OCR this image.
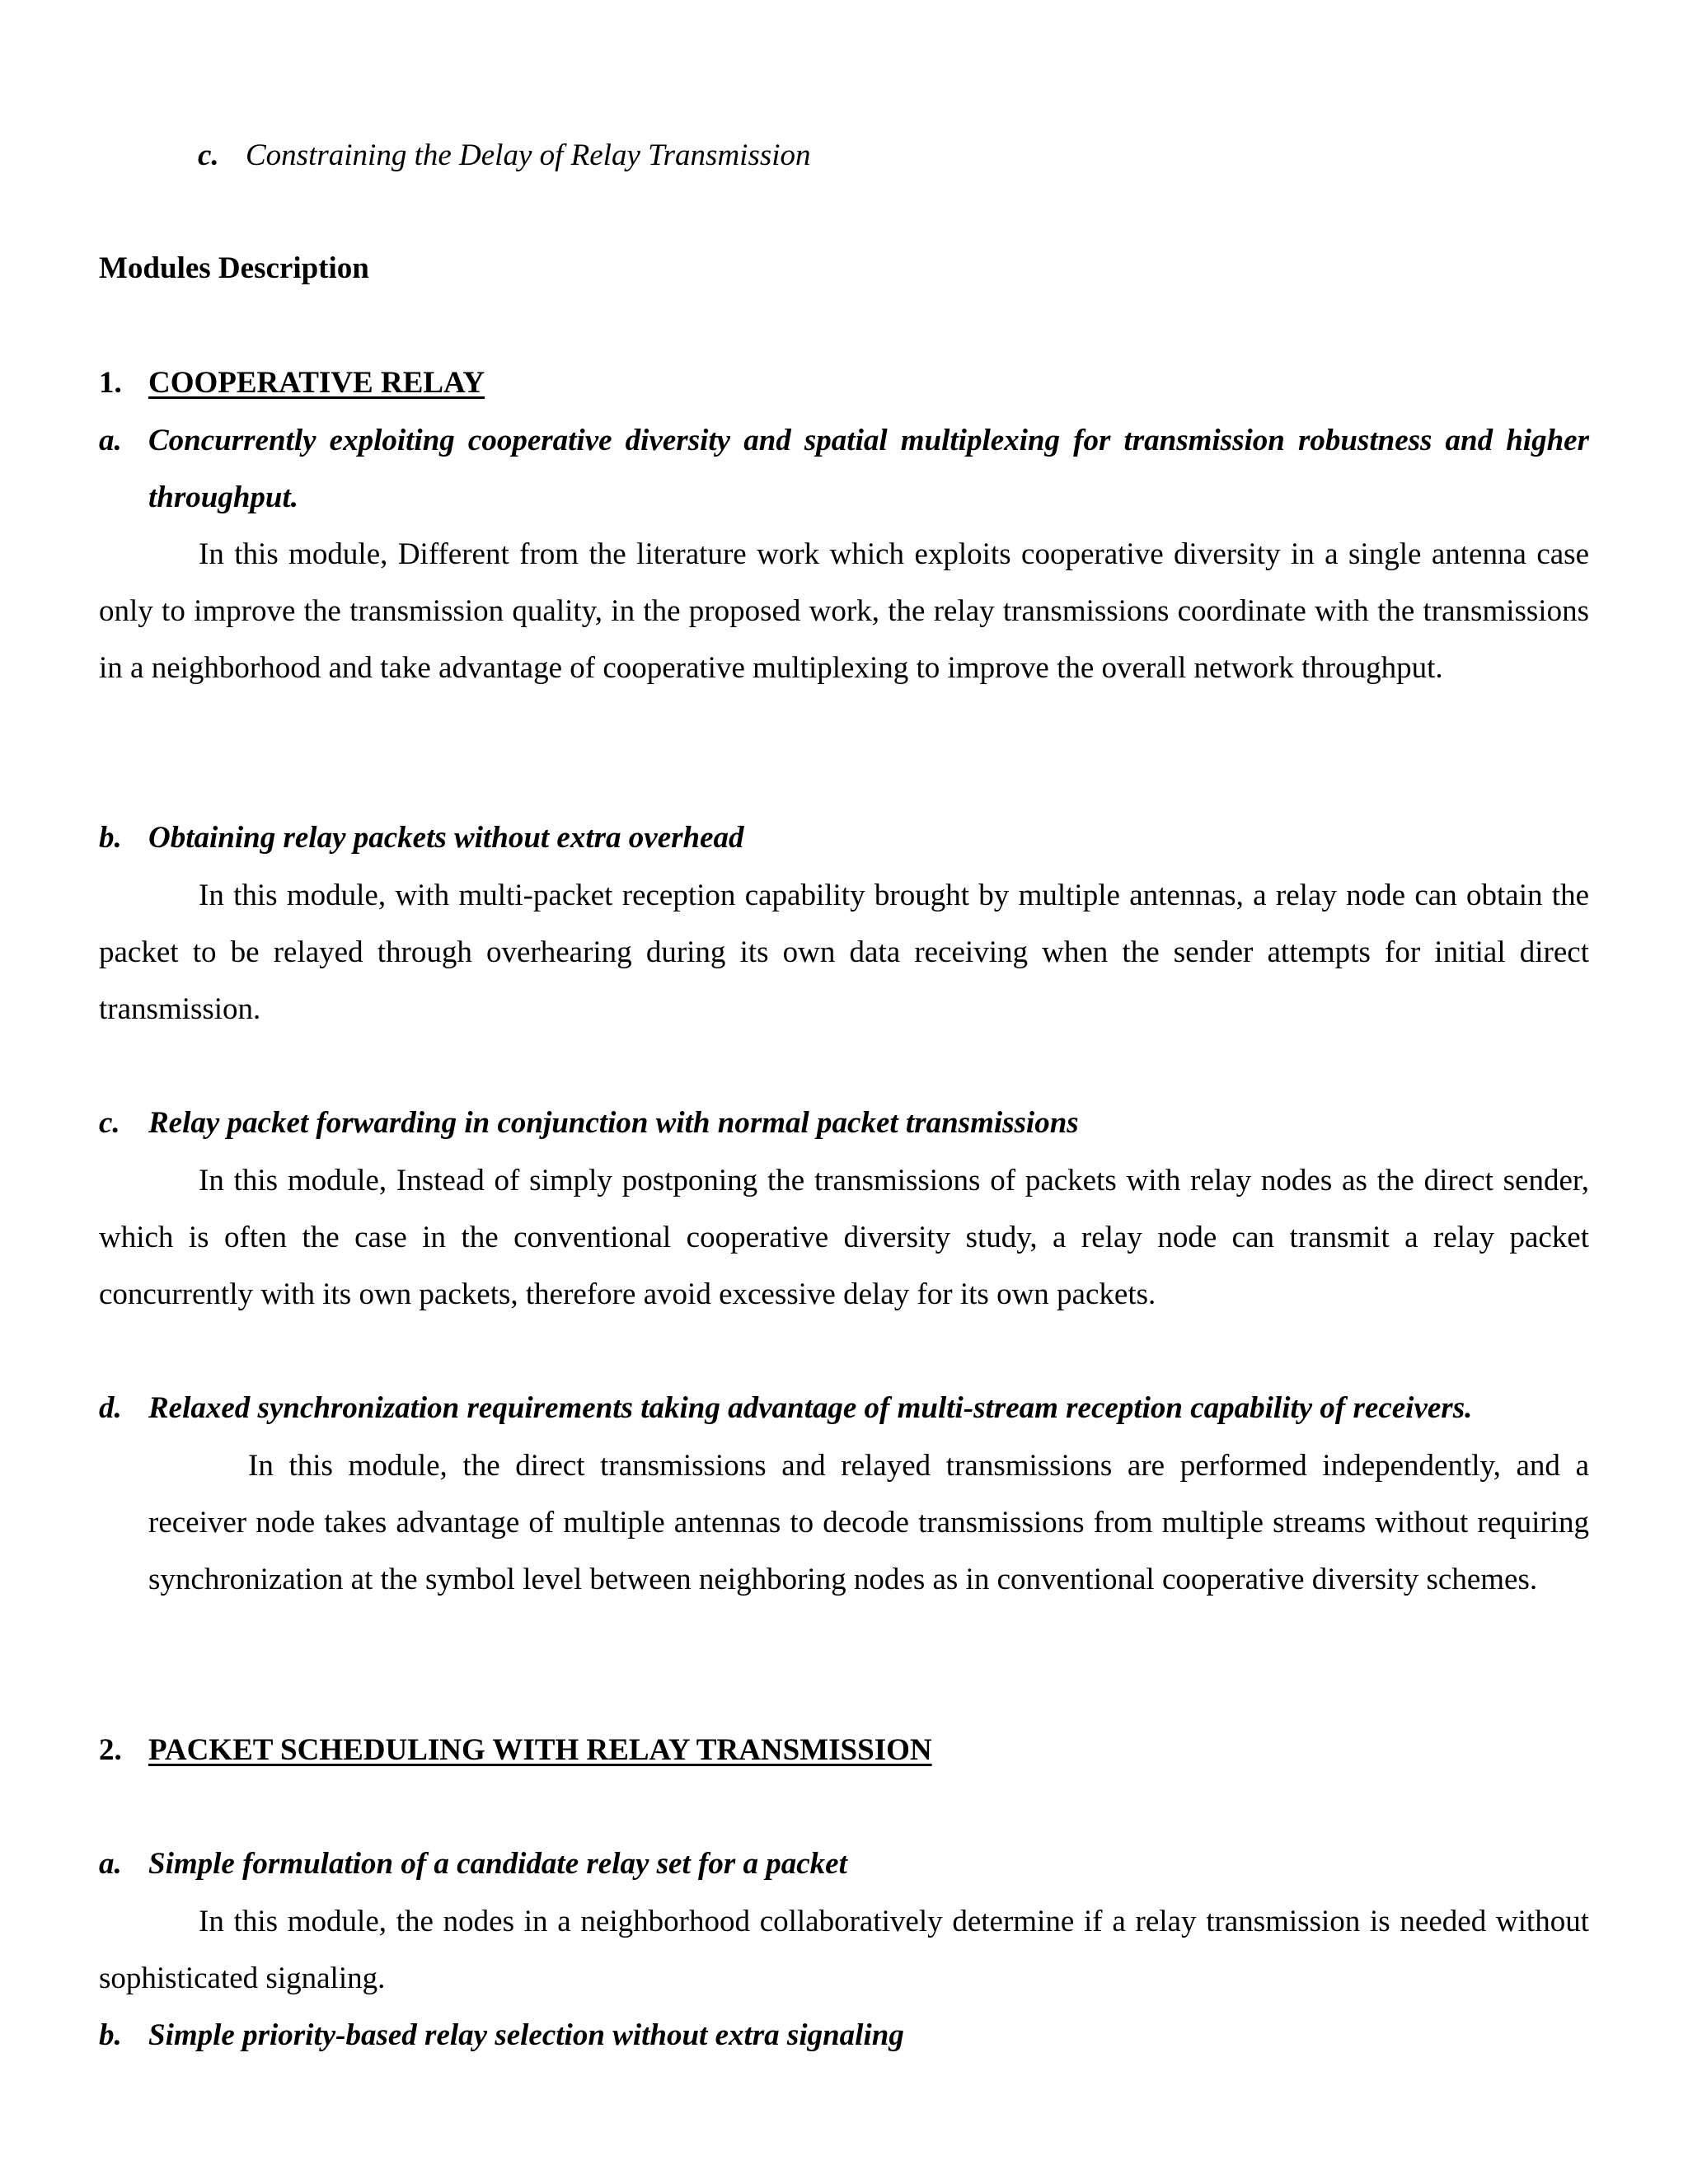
c. Constraining the Delay of Relay Transmission
Modules Description
1. COOPERATIVE RELAY
a. Concurrently exploiting cooperative diversity and spatial multiplexing for transmission robustness and higher throughput.
In this module, Different from the literature work which exploits cooperative diversity in a single antenna case only to improve the transmission quality, in the proposed work, the relay transmissions coordinate with the transmissions in a neighborhood and take advantage of cooperative multiplexing to improve the overall network throughput.
b. Obtaining relay packets without extra overhead
In this module, with multi-packet reception capability brought by multiple antennas, a relay node can obtain the packet to be relayed through overhearing during its own data receiving when the sender attempts for initial direct transmission.
c. Relay packet forwarding in conjunction with normal packet transmissions
In this module, Instead of simply postponing the transmissions of packets with relay nodes as the direct sender, which is often the case in the conventional cooperative diversity study, a relay node can transmit a relay packet concurrently with its own packets, therefore avoid excessive delay for its own packets.
d. Relaxed synchronization requirements taking advantage of multi-stream reception capability of receivers.
In this module, the direct transmissions and relayed transmissions are performed independently, and a receiver node takes advantage of multiple antennas to decode transmissions from multiple streams without requiring synchronization at the symbol level between neighboring nodes as in conventional cooperative diversity schemes.
2. PACKET SCHEDULING WITH RELAY TRANSMISSION
a. Simple formulation of a candidate relay set for a packet
In this module, the nodes in a neighborhood collaboratively determine if a relay transmission is needed without sophisticated signaling.
b. Simple priority-based relay selection without extra signaling
